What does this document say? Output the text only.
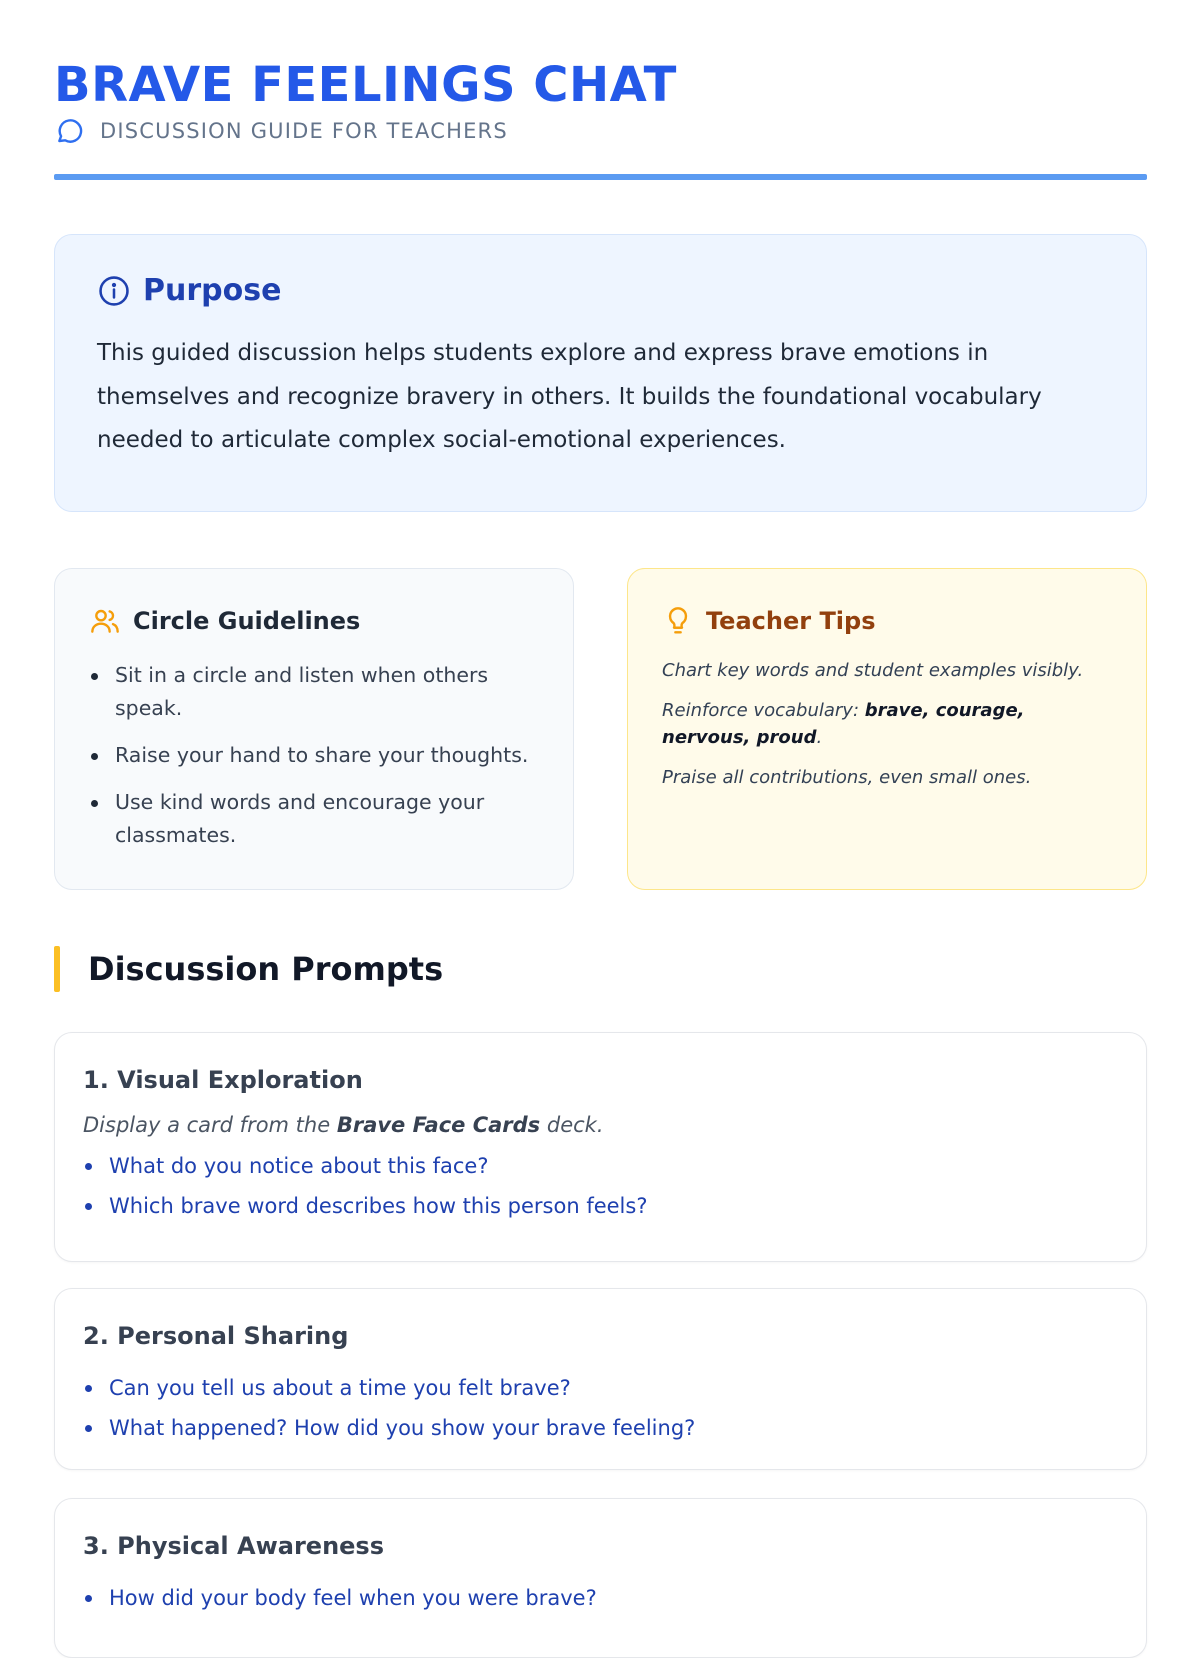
BRAVE FEELINGS CHAT
DISCUSSION GUIDE FOR TEACHERS
Purpose
This guided discussion helps students explore and express brave emotions in themselves and recognize bravery in others. It builds the foundational vocabulary needed to articulate complex social-emotional experiences.
Circle Guidelines
Sit in a circle and listen when others speak.
Raise your hand to share your thoughts.
Use kind words and encourage your classmates.
Teacher Tips
Chart key words and student examples visibly.
Reinforce vocabulary: brave, courage, nervous, proud.
Praise all contributions, even small ones.
Discussion Prompts
1. Visual Exploration
Display a card from the Brave Face Cards deck.
What do you notice about this face?
Which brave word describes how this person feels?
2. Personal Sharing
Can you tell us about a time you felt brave?
What happened? How did you show your brave feeling?
3. Physical Awareness
How did your body feel when you were brave?
